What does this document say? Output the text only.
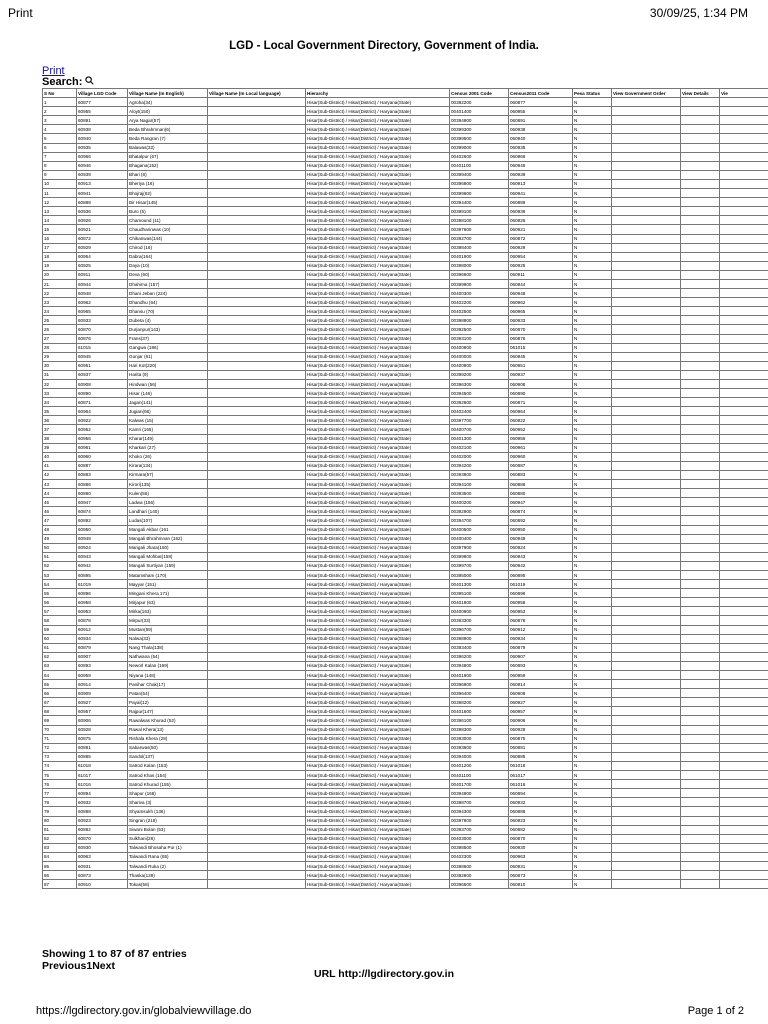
Print	30/09/25, 1:34 PM
LGD - Local Government Directory, Government of India.
Print
Search:
S No	Village LGD Code	Village Name (In English)	Village Name (In Local language)	Hierarchy	Census 2001 Code	Census2011 Code	Pesa Status	View Government Order	View Details	Vie
1	60877	Agroha(34)		Hisar(Sub-District) / Hisar(District) / Haryana(State)	00392200	060877	N			
2	60955	Aloyt(150)		Hisar(Sub-District) / Hisar(District) / Haryana(State)	00401400	060955	N			
3	60891	Arya Nagar(57)		Hisar(Sub-District) / Hisar(District) / Haryana(State)	00394900	060891	N			
4	60938	Beda Bhrahmnan(6)		Hisar(Sub-District) / Hisar(District) / Haryana(State)	00399300	060938	N			
5	60940	Beda Rangran (7)		Hisar(Sub-District) / Hisar(District) / Haryana(State)	00399500	060940	N			
6	60935	Balawas(32)		Hisar(Sub-District) / Hisar(District) / Haryana(State)	00399000	060935	N			
7	60966	Bhatalpur (67)		Hisar(Sub-District) / Hisar(District) / Haryana(State)	00402600	060966	N			
8	60946	Bhagana(152)		Hisar(Sub-District) / Hisar(District) / Haryana(State)	00401100	060946	N			
9	60939	Bhari (8)		Hisar(Sub-District) / Hisar(District) / Haryana(State)	00399400	060939	N			
10	60913	Bheriya (16)		Hisar(Sub-District) / Hisar(District) / Haryana(State)	00396800	060913	N			
11	60941	Bhojraj(62)		Hisar(Sub-District) / Hisar(District) / Haryana(State)	00399600	060941	N			
12	60889	Bir Hisar(145)		Hisar(Sub-District) / Hisar(District) / Haryana(State)	00394400	060889	N			
13	60936	Buro (5)		Hisar(Sub-District) / Hisar(District) / Haryana(State)	00399100	060936	N			
14	60926	Chamound (11)		Hisar(Sub-District) / Hisar(District) / Haryana(State)	00398100	060926	N			
15	60921	Chaudharinwas (10)		Hisar(Sub-District) / Hisar(District) / Haryana(State)	00397600	060921	N			
16	60872	Chikanwas(144)		Hisar(Sub-District) / Hisar(District) / Haryana(State)	00392700	060872	N			
17	60929	Chirod (16)		Hisar(Sub-District) / Hisar(District) / Haryana(State)	00398400	060929	N			
18	60954	Dabra(164)		Hisar(Sub-District) / Hisar(District) / Haryana(State)	00401900	060954	N			
19	60925	Daya (10)		Hisar(Sub-District) / Hisar(District) / Haryana(State)	00398000	060925	N			
20	60911	Deva (60)		Hisar(Sub-District) / Hisar(District) / Haryana(State)	00396600	060911	N			
21	60944	Dhahima (157)		Hisar(Sub-District) / Hisar(District) / Haryana(State)	00399900	060944	N			
22	60948	Dhani Jeban (224)		Hisar(Sub-District) / Hisar(District) / Haryana(State)	00400300	060948	N			
23	60962	Dhandhu (64)		Hisar(Sub-District) / Hisar(District) / Haryana(State)	00402200	060962	N			
24	60965	Dhansu (70)		Hisar(Sub-District) / Hisar(District) / Haryana(State)	00402500	060965	N			
25	60933	Dubeta (4)		Hisar(Sub-District) / Hisar(District) / Haryana(State)	00398800	060933	N			
26	60870	Durjanpur(143)		Hisar(Sub-District) / Hisar(District) / Haryana(State)	00392500	060870	N			
27	60876	Frans(37)		Hisar(Sub-District) / Hisar(District) / Haryana(State)	00393100	060876	N			
28	61015	Gangwa (186)		Hisar(Sub-District) / Hisar(District) / Haryana(State)	00400800	061015	N			
29	60945	Gunjar (61)		Hisar(Sub-District) / Hisar(District) / Haryana(State)	00400000	060945	N			
30	60951	Hari Kot(220)		Hisar(Sub-District) / Hisar(District) / Haryana(State)	00400800	060951	N			
31	60937	Harita (9)		Hisar(Sub-District) / Hisar(District) / Haryana(State)	00399200	060937	N			
32	60908	Hindwan (56)		Hisar(Sub-District) / Hisar(District) / Haryana(State)	00396300	060908	N			
33	60890	Hisar (146)		Hisar(Sub-District) / Hisar(District) / Haryana(State)	00394500	060890	N			
34	60871	Jagan(141)		Hisar(Sub-District) / Hisar(District) / Haryana(State)	00392600	060871	N			
35	60964	Jugian(66)		Hisar(Sub-District) / Hisar(District) / Haryana(State)	00402400	060964	N			
36	60922	Kalwas (15)		Hisar(Sub-District) / Hisar(District) / Haryana(State)	00397700	060922	N			
37	60952	Kamri (165)		Hisar(Sub-District) / Hisar(District) / Haryana(State)	00400700	060952	N			
38	60956	Kharar(149)		Hisar(Sub-District) / Hisar(District) / Haryana(State)	00401300	060956	N			
39	60961	Kharkari (27)		Hisar(Sub-District) / Hisar(District) / Haryana(State)	00402100	060961	N			
40	60960	Khoko (26)		Hisar(Sub-District) / Hisar(District) / Haryana(State)	00402000	060960	N			
41	60887	Kirara(134)		Hisar(Sub-District) / Hisar(District) / Haryana(State)	00394200	060887	N			
42	60883	Kirmara(57)		Hisar(Sub-District) / Hisar(District) / Haryana(State)	00393800	060883	N			
43	60886	Kirori(135)		Hisar(Sub-District) / Hisar(District) / Haryana(State)	00394100	060886	N			
44	60880	Kulen(56)		Hisar(Sub-District) / Hisar(District) / Haryana(State)	00393500	060880	N			
45	60947	Ladwa (156)		Hisar(Sub-District) / Hisar(District) / Haryana(State)	00400200	060947	N			
46	60874	Landhari (140)		Hisar(Sub-District) / Hisar(District) / Haryana(State)	00392900	060874	N			
47	60892	Ludas(107)		Hisar(Sub-District) / Hisar(District) / Haryana(State)	00394700	060892	N			
48	60950	Mangali Akbar (161		Hisar(Sub-District) / Hisar(District) / Haryana(State)	00400500	060950	N			
49	60949	Mangali Bhrahmnan (162)		Hisar(Sub-District) / Hisar(District) / Haryana(State)	00400400	060949	N			
50	60924	Mangali Jhara(160)		Hisar(Sub-District) / Hisar(District) / Haryana(State)	00397900	060924	N			
51	60943	Mangali Mohbat(158)		Hisar(Sub-District) / Hisar(District) / Haryana(State)	00399800	060943	N			
52	60942	Mangali Surtiyan (159)		Hisar(Sub-District) / Hisar(District) / Haryana(State)	00399700	060942	N			
53	60895	Matamsham (170)		Hisar(Sub-District) / Hisar(District) / Haryana(State)	00395000	060895	N			
54	61019	Mayyar (151)		Hisar(Sub-District) / Hisar(District) / Haryana(State)	00401300	061019	N			
55	60896	Mingani Khera 171)		Hisar(Sub-District) / Hisar(District) / Haryana(State)	00395100	060896	N			
56	60958	Mirjapur (63)		Hisar(Sub-District) / Hisar(District) / Haryana(State)	00401800	060958	N			
57	60953	Mirka(163)		Hisar(Sub-District) / Hisar(District) / Haryana(State)	00400900	060953	N			
58	60878	Mirpur(33)		Hisar(Sub-District) / Hisar(District) / Haryana(State)	00393300	060878	N			
59	60912	Mustan(59)		Hisar(Sub-District) / Hisar(District) / Haryana(State)	00396700	060912	N			
60	60934	Nalwa(33)		Hisar(Sub-District) / Hisar(District) / Haryana(State)	00398900	060934	N			
61	60879	Nang Thala(138)		Hisar(Sub-District) / Hisar(District) / Haryana(State)	00393400	060879	N			
62	60907	Nathwana (54)		Hisar(Sub-District) / Hisar(District) / Haryana(State)	00396200	060907	N			
63	60893	Neworl Kalan (169)		Hisar(Sub-District) / Hisar(District) / Haryana(State)	00394800	060893	N			
64	60959	Niyana (148)		Hisar(Sub-District) / Hisar(District) / Haryana(State)	00401900	060959	N			
65	60914	Panihar Chak(17)		Hisar(Sub-District) / Hisar(District) / Haryana(State)	00396900	060914	N			
66	60909	Patan(54)		Hisar(Sub-District) / Hisar(District) / Haryana(State)	00396400	060909	N			
67	60927	Payal(12)		Hisar(Sub-District) / Hisar(District) / Haryana(State)	00398200	060927	N			
68	60957	Rajpur(147)		Hisar(Sub-District) / Hisar(District) / Haryana(State)	00401600	060957	N			
69	60906	Rawalwas Khurad (52)		Hisar(Sub-District) / Hisar(District) / Haryana(State)	00396100	060906	N			
70	60928	Rawal Khera(13)		Hisar(Sub-District) / Hisar(District) / Haryana(State)	00398300	060928	N			
71	60875	Rishala Khera (28)		Hisar(Sub-District) / Hisar(District) / Haryana(State)	00393000	060875	N			
72	60881	Sabarwas(50)		Hisar(Sub-District) / Hisar(District) / Haryana(State)	00393600	060881	N			
73	60885	Sandol(137)		Hisar(Sub-District) / Hisar(District) / Haryana(State)	00394000	060885	N			
74	61018	Satrod Kalan (153)		Hisar(Sub-District) / Hisar(District) / Haryana(State)	00401200	061018	N			
75	61017	Satrod Khas (154)		Hisar(Sub-District) / Hisar(District) / Haryana(State)	00401100	061017	N			
76	61016	Satrod Khurad (155)		Hisar(Sub-District) / Hisar(District) / Haryana(State)	00401700	061016	N			
77	60894	Shapur (168)		Hisar(Sub-District) / Hisar(District) / Haryana(State)	00394900	060894	N			
78	60932	Shariva (3)		Hisar(Sub-District) / Hisar(District) / Haryana(State)	00398700	060932	N			
79	60888	Shyamsukh (136)		Hisar(Sub-District) / Hisar(District) / Haryana(State)	00394300	060888	N			
80	60923	Singran (219)		Hisar(Sub-District) / Hisar(District) / Haryana(State)	00397800	060923	N			
81	60882	Siwani Bolan (53)		Hisar(Sub-District) / Hisar(District) / Haryana(State)	00393700	060882	N			
82	60870	Sulkhani(26)		Hisar(Sub-District) / Hisar(District) / Haryana(State)	00403000	060870	N			
83	60930	Talwandi Bhosaha Pur (1)		Hisar(Sub-District) / Hisar(District) / Haryana(State)	00398500	060930	N			
84	60963	Talwandi Rana (65)		Hisar(Sub-District) / Hisar(District) / Haryana(State)	00402300	060963	N			
85	60931	Talwandi Ruka (2)		Hisar(Sub-District) / Hisar(District) / Haryana(State)	00398600	060931	N			
86	60873	Thaska(139)		Hisar(Sub-District) / Hisar(District) / Haryana(State)	00392800	060873	N			
87	60910	Tokas(58)		Hisar(Sub-District) / Hisar(District) / Haryana(State)	00396500	060910	N			
Showing 1 to 87 of 87 entries
Previous1Next
URL http://lgdirectory.gov.in
https://lgdirectory.gov.in/globalviewvillage.do	Page 1 of 2
